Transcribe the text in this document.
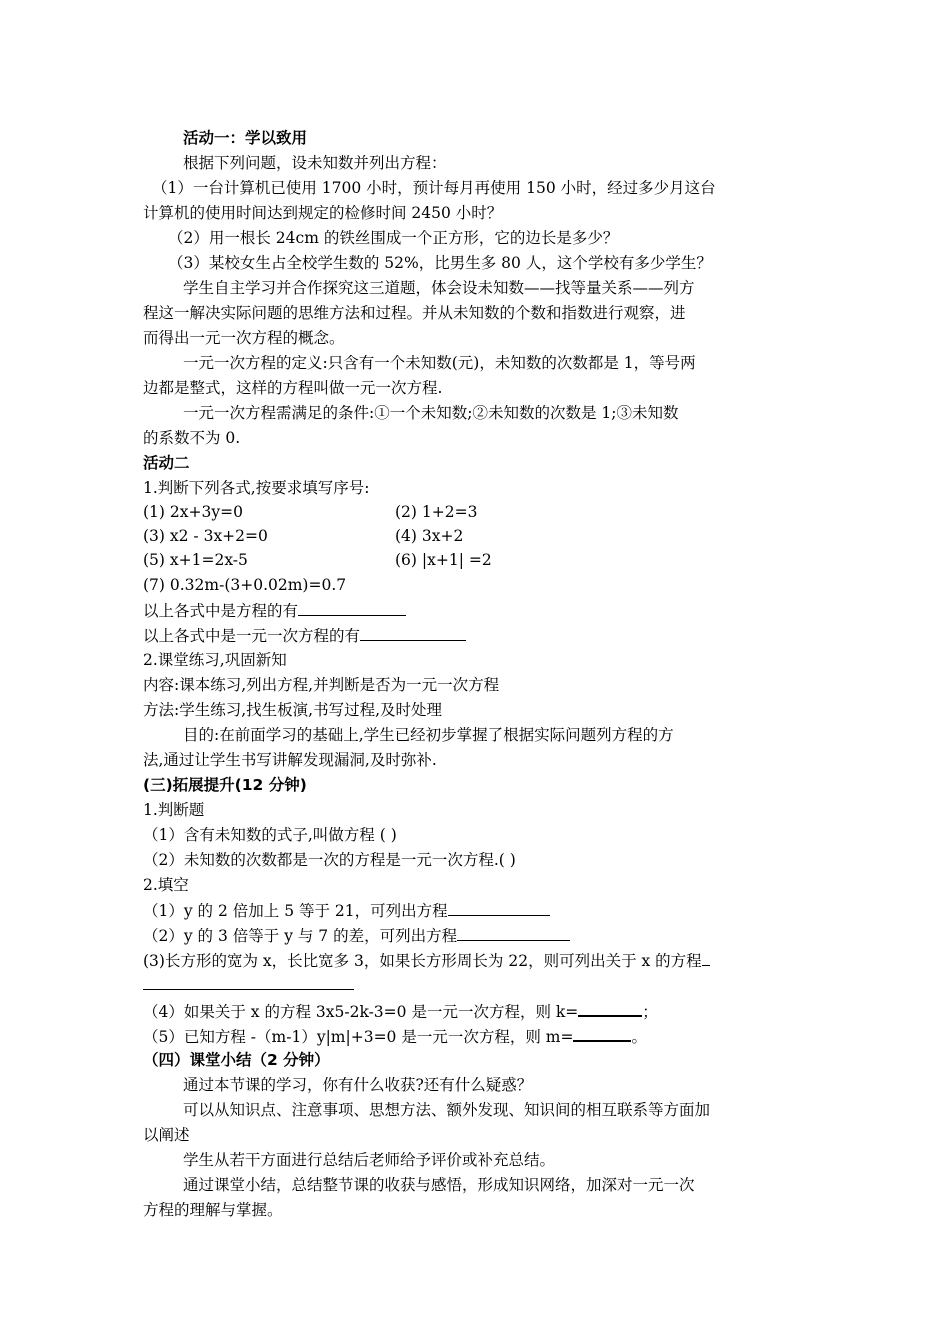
活动一：学以致用
根据下列问题，设未知数并列出方程：
（1）一台计算机已使用 1700 小时，预计每月再使用 150 小时，经过多少月这台
计算机的使用时间达到规定的检修时间 2450 小时？
（2）用一根长 24cm 的铁丝围成一个正方形，它的边长是多少？
（3）某校女生占全校学生数的 52%，比男生多 80 人，这个学校有多少学生？
学生自主学习并合作探究这三道题，体会设未知数——找等量关系——列方
程这一解决实际问题的思维方法和过程。并从未知数的个数和指数进行观察，进
而得出一元一次方程的概念。
一元一次方程的定义:只含有一个未知数(元)，未知数的次数都是 1，等号两
边都是整式，这样的方程叫做一元一次方程.
一元一次方程需满足的条件:①一个未知数;②未知数的次数是 1;③未知数
的系数不为 0.
活动二
1.判断下列各式,按要求填写序号:
(1) 2x+3y=0	(2) 1+2=3
(3) x2 - 3x+2=0	(4) 3x+2
(5) x+1=2x-5	(6) |x+1| =2
(7) 0.32m-(3+0.02m)=0.7
以上各式中是方程的有
以上各式中是一元一次方程的有
2.课堂练习,巩固新知
内容:课本练习,列出方程,并判断是否为一元一次方程
方法:学生练习,找生板演,书写过程,及时处理
目的:在前面学习的基础上,学生已经初步掌握了根据实际问题列方程的方
法,通过让学生书写讲解发现漏洞,及时弥补.
(三)拓展提升(12 分钟)
1.判断题
（1）含有未知数的式子,叫做方程 ( )
（2）未知数的次数都是一次的方程是一元一次方程.( )
2.填空
（1）y 的 2 倍加上 5 等于 21，可列出方程
（2）y 的 3 倍等于 y 与 7 的差，可列出方程
(3)长方形的宽为 x，长比宽多 3，如果长方形周长为 22，则可列出关于 x 的方程
（4）如果关于 x 的方程 3x5-2k-3=0 是一元一次方程，则 k=	；
（5）已知方程 -（m-1）y|m|+3=0 是一元一次方程，则 m=	。
（四）课堂小结（2 分钟）
通过本节课的学习，你有什么收获?还有什么疑惑？
可以从知识点、注意事项、思想方法、额外发现、知识间的相互联系等方面加
以阐述
学生从若干方面进行总结后老师给予评价或补充总结。
通过课堂小结，总结整节课的收获与感悟，形成知识网络，加深对一元一次
方程的理解与掌握。
